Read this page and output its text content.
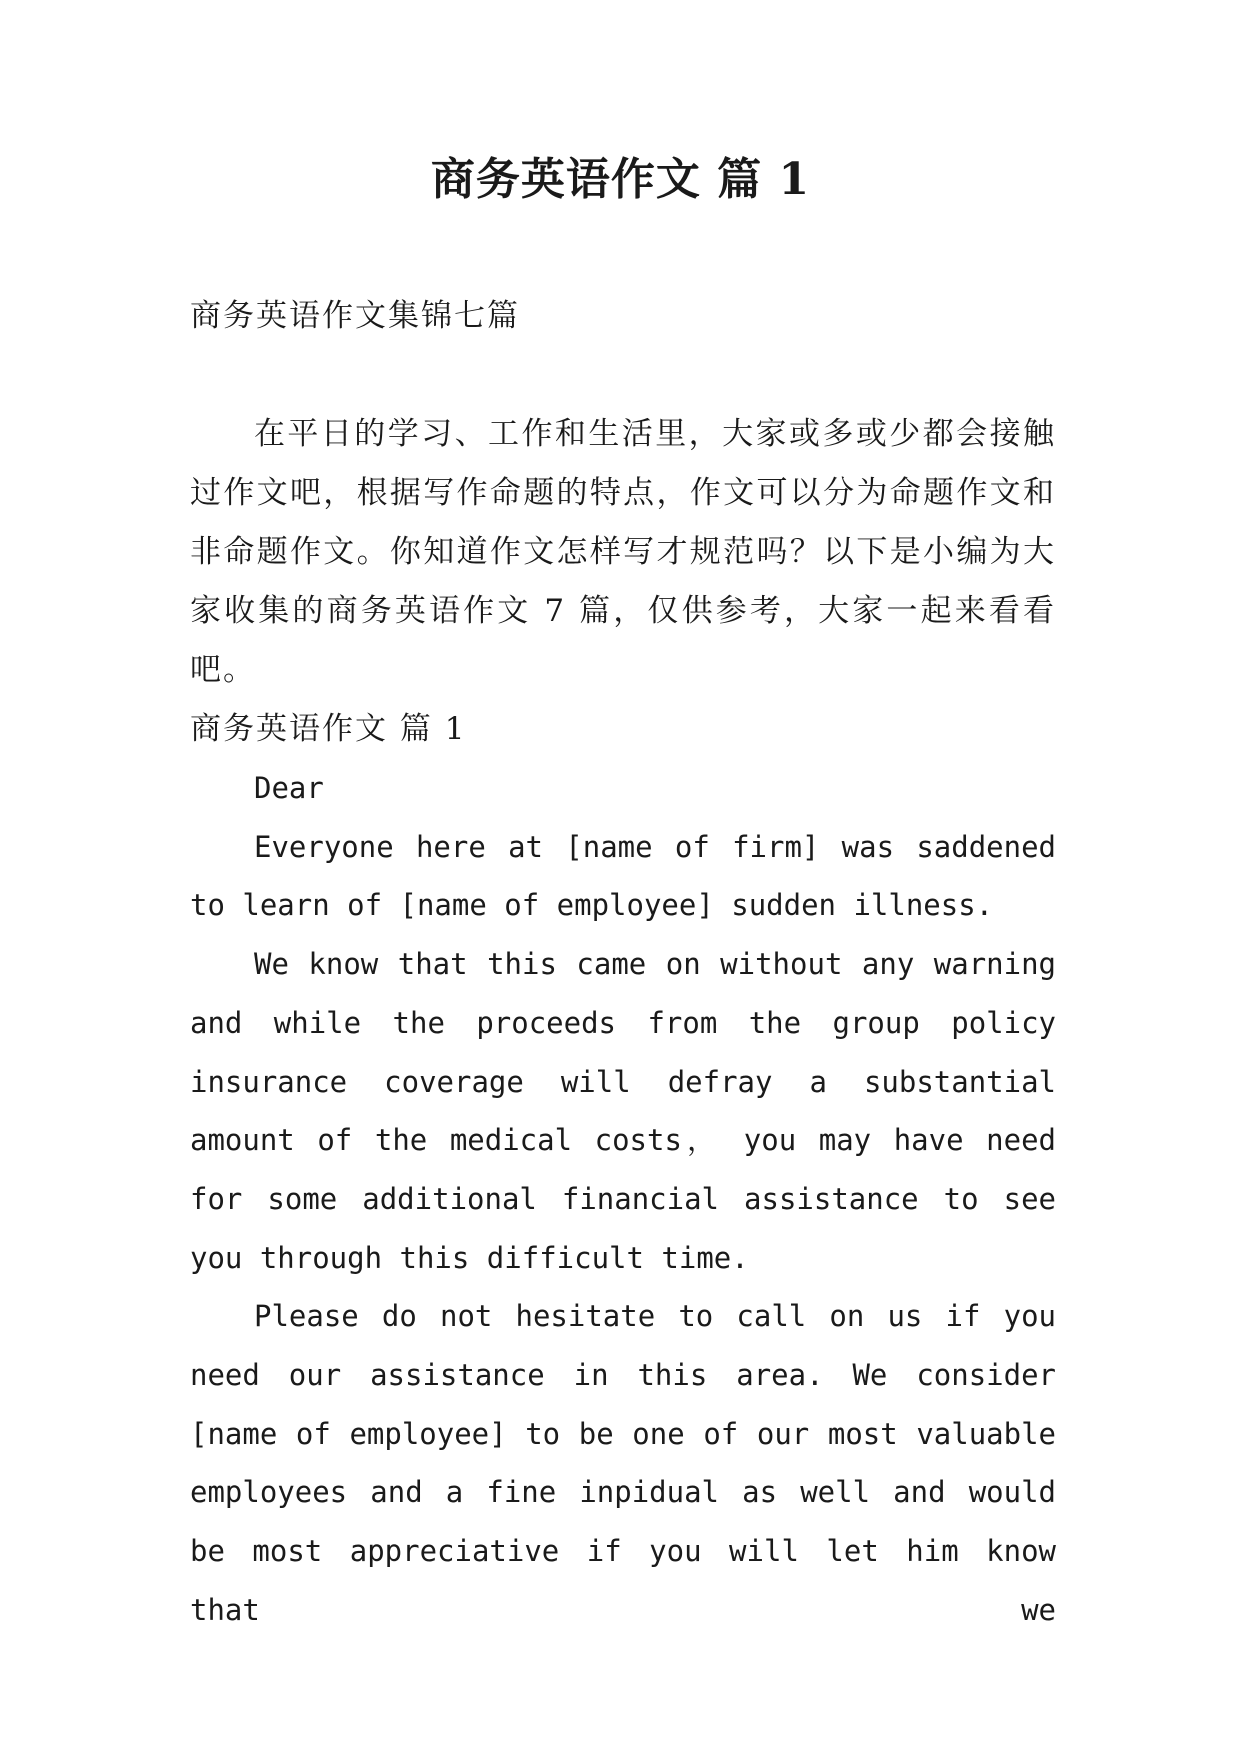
商务英语作文 篇 1
商务英语作文集锦七篇
在平日的学习、工作和生活里，大家或多或少都会接触过作文吧，根据写作命题的特点，作文可以分为命题作文和非命题作文。你知道作文怎样写才规范吗？以下是小编为大家收集的商务英语作文 7 篇，仅供参考，大家一起来看看吧。
商务英语作文 篇 1

Dear

Everyone here at [name of firm] was saddened to learn of [name of employee] sudden illness.

We know that this came on without any warning and while the proceeds from the group policy insurance coverage will defray a substantial amount of the medical costs， you may have need for some additional financial assistance to see you through this difficult time.

Please do not hesitate to call on us if you need our assistance in this area. We consider [name of employee] to be one of our most valuable employees and a fine inpidual as well and would be most appreciative if you will let him know that we
